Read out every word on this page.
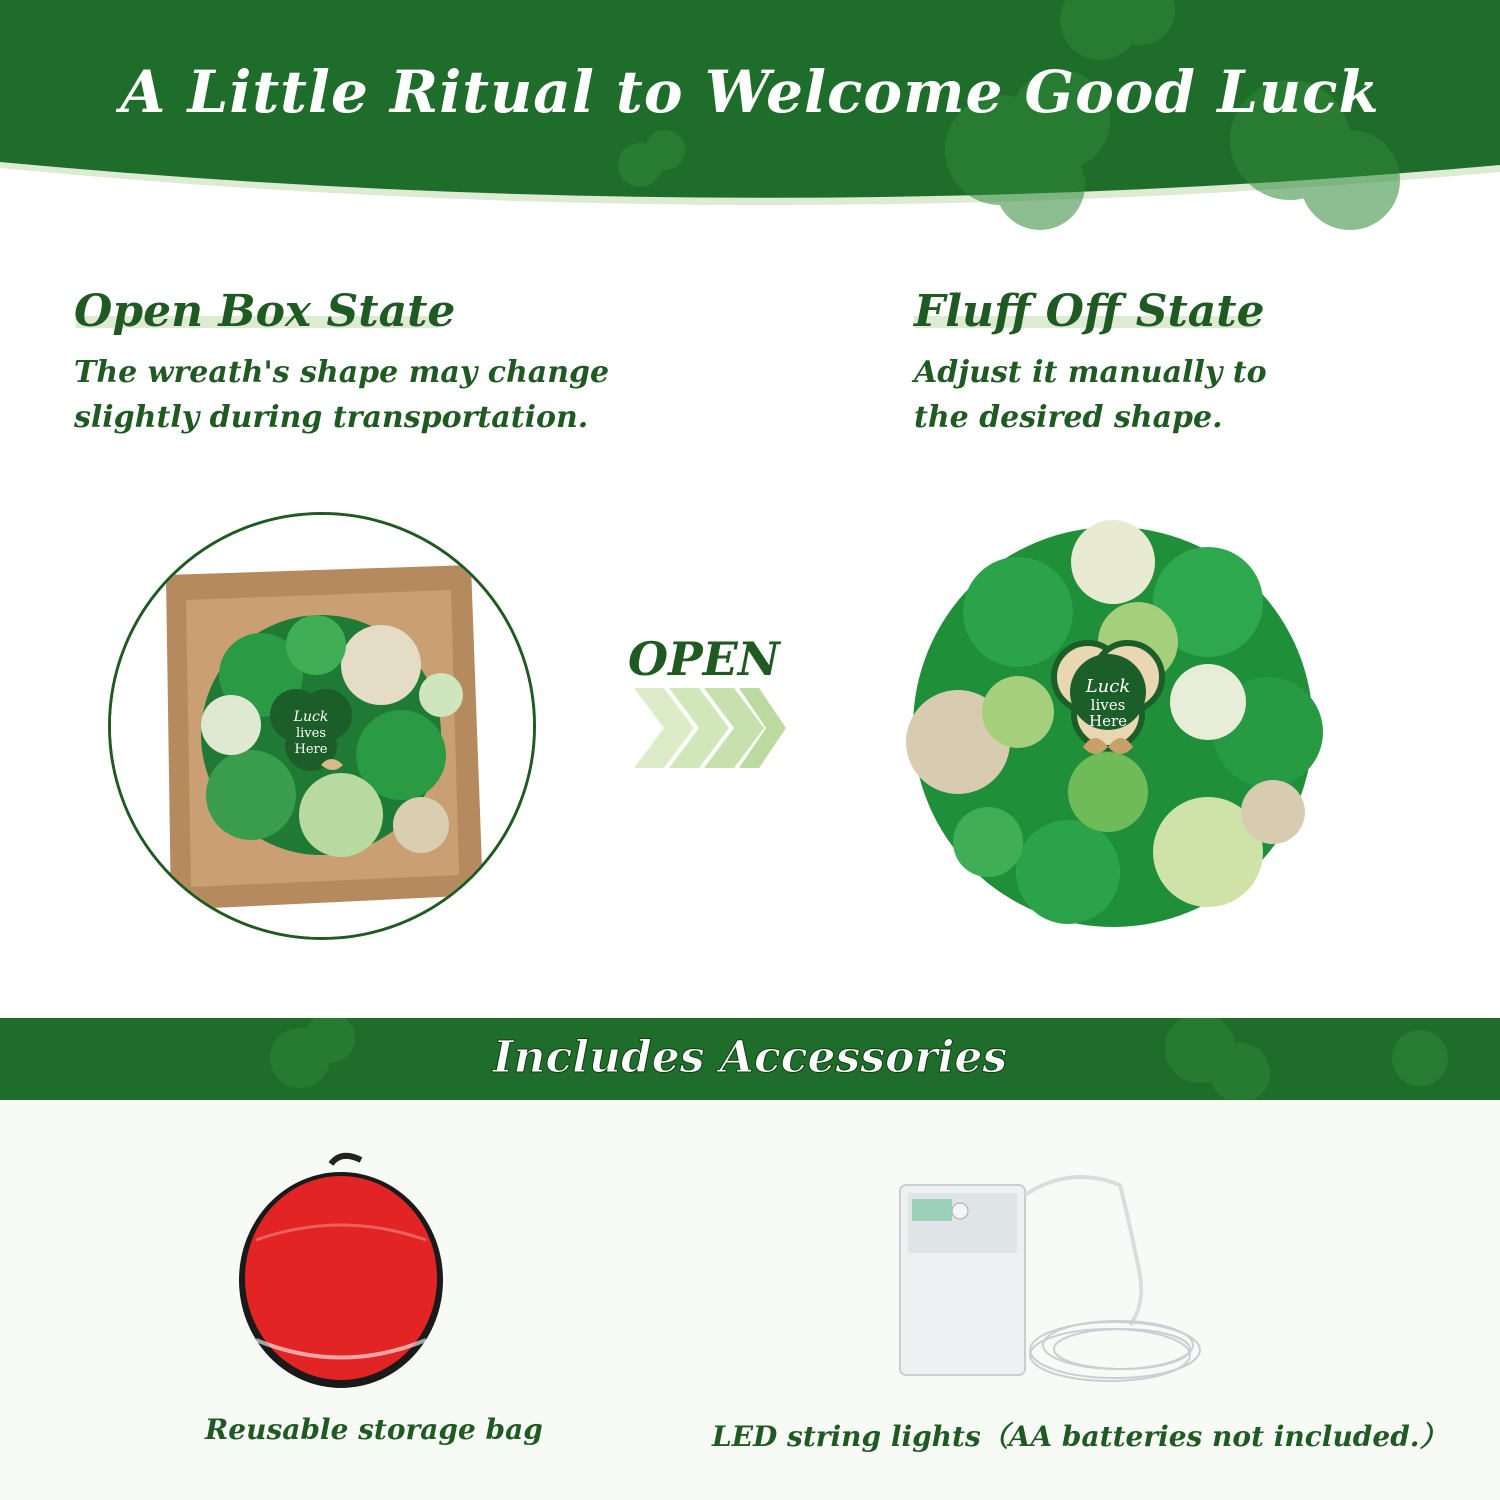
A Little Ritual to Welcome Good Luck
Open Box State
The wreath's shape may change
slightly during transportation.
Fluff Off State
Adjust it manually to
the desired shape.
Luck
lives
Here
OPEN
Luck
lives
Here
Includes Accessories
Reusable storage bag	LED string lights（AA batteries not included.）
